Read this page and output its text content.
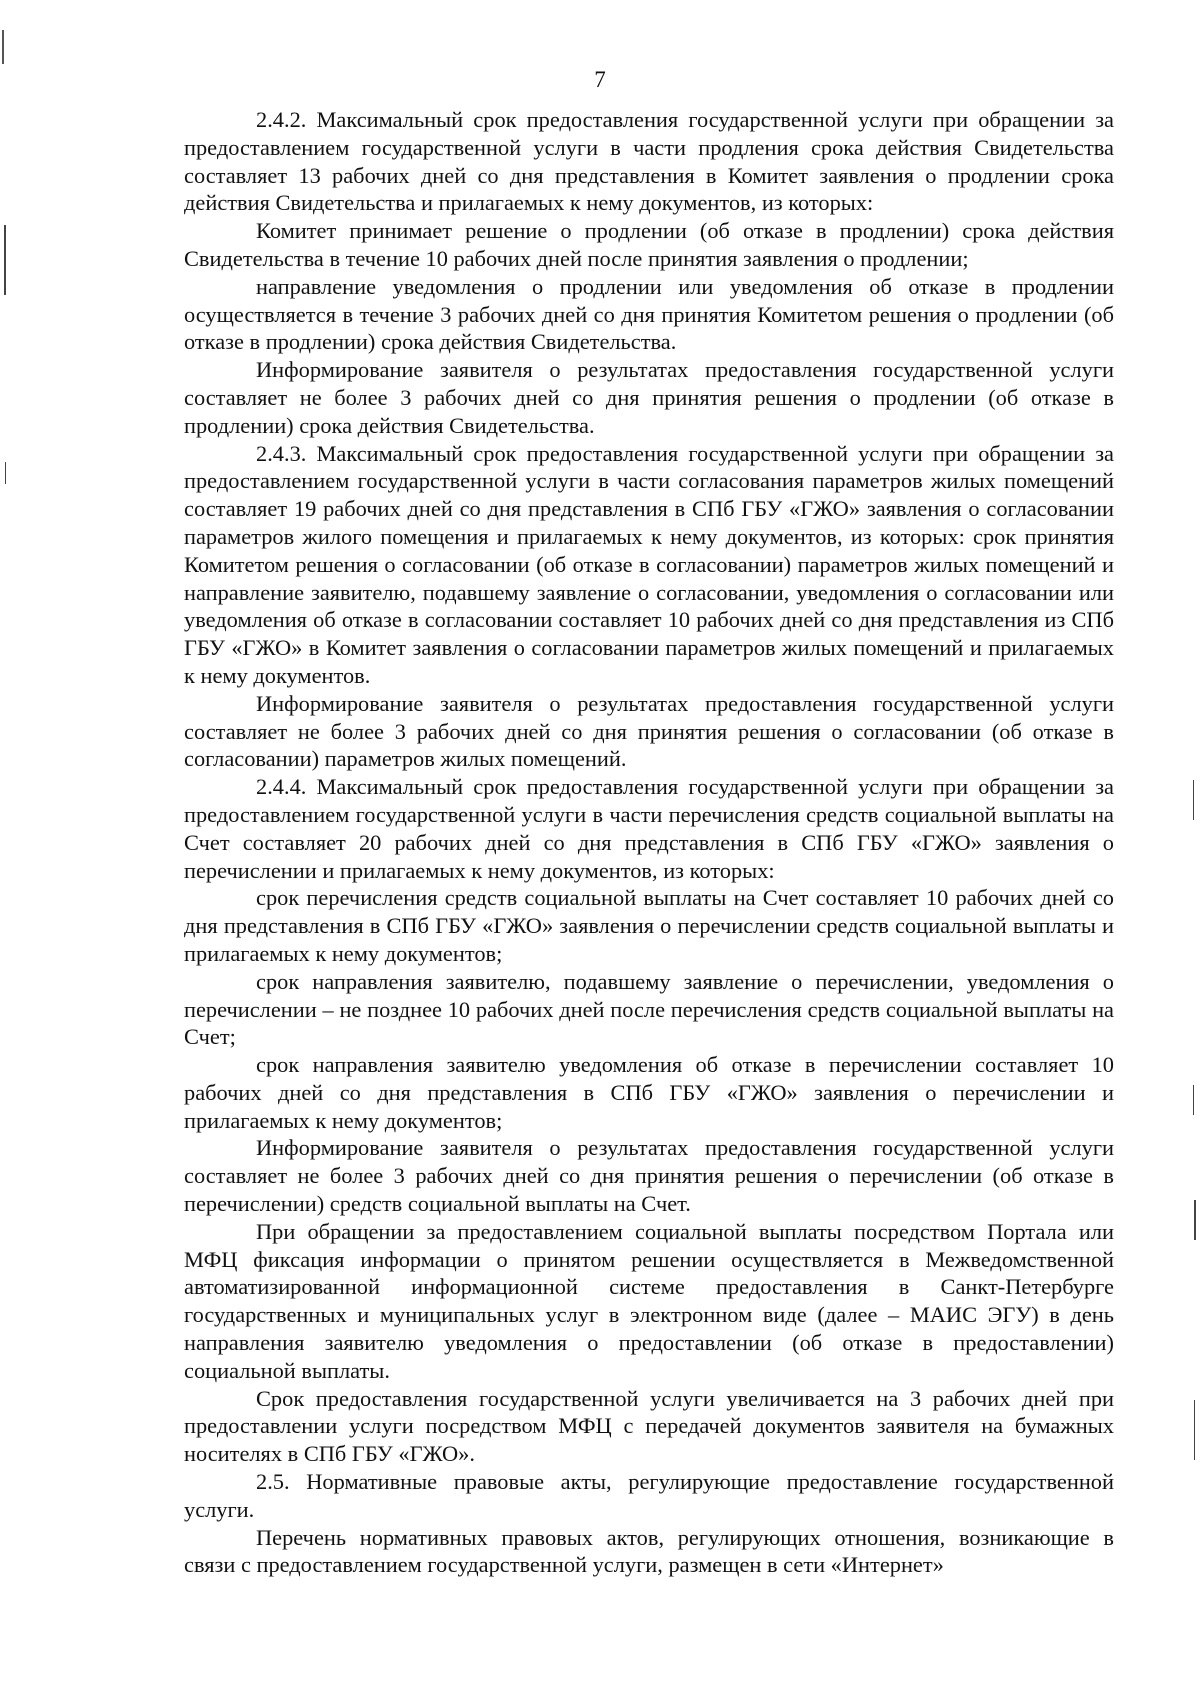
7

2.4.2. Максимальный срок предоставления государственной услуги при обращении за предоставлением государственной услуги в части продления срока действия Свидетельства составляет 13 рабочих дней со дня представления в Комитет заявления о продлении срока действия Свидетельства и прилагаемых к нему документов, из которых:

Комитет принимает решение о продлении (об отказе в продлении) срока действия Свидетельства в течение 10 рабочих дней после принятия заявления о продлении;

направление уведомления о продлении или уведомления об отказе в продлении осуществляется в течение 3 рабочих дней со дня принятия Комитетом решения о продлении (об отказе в продлении) срока действия Свидетельства.

Информирование заявителя о результатах предоставления государственной услуги составляет не более 3 рабочих дней со дня принятия решения о продлении (об отказе в продлении) срока действия Свидетельства.

2.4.3. Максимальный срок предоставления государственной услуги при обращении за предоставлением государственной услуги в части согласования параметров жилых помещений составляет 19 рабочих дней со дня представления в СПб ГБУ «ГЖО» заявления о согласовании параметров жилого помещения и прилагаемых к нему документов, из которых: срок принятия Комитетом решения о согласовании (об отказе в согласовании) параметров жилых помещений и направление заявителю, подавшему заявление о согласовании, уведомления о согласовании или уведомления об отказе в согласовании составляет 10 рабочих дней со дня представления из СПб ГБУ «ГЖО» в Комитет заявления о согласовании параметров жилых помещений и прилагаемых к нему документов.

Информирование заявителя о результатах предоставления государственной услуги составляет не более 3 рабочих дней со дня принятия решения о согласовании (об отказе в согласовании) параметров жилых помещений.

2.4.4. Максимальный срок предоставления государственной услуги при обращении за предоставлением государственной услуги в части перечисления средств социальной выплаты на Счет составляет 20 рабочих дней со дня представления в СПб ГБУ «ГЖО» заявления о перечислении и прилагаемых к нему документов, из которых:

срок перечисления средств социальной выплаты на Счет составляет 10 рабочих дней со дня представления в СПб ГБУ «ГЖО» заявления о перечислении средств социальной выплаты и прилагаемых к нему документов;

срок направления заявителю, подавшему заявление о перечислении, уведомления о перечислении – не позднее 10 рабочих дней после перечисления средств социальной выплаты на Счет;

срок направления заявителю уведомления об отказе в перечислении составляет 10 рабочих дней со дня представления в СПб ГБУ «ГЖО» заявления о перечислении и прилагаемых к нему документов;

Информирование заявителя о результатах предоставления государственной услуги составляет не более 3 рабочих дней со дня принятия решения о перечислении (об отказе в перечислении) средств социальной выплаты на Счет.

При обращении за предоставлением социальной выплаты посредством Портала или МФЦ фиксация информации о принятом решении осуществляется в Межведомственной автоматизированной информационной системе предоставления в Санкт-Петербурге государственных и муниципальных услуг в электронном виде (далее – МАИС ЭГУ) в день направления заявителю уведомления о предоставлении (об отказе в предоставлении) социальной выплаты.

Срок предоставления государственной услуги увеличивается на 3 рабочих дней при предоставлении услуги посредством МФЦ с передачей документов заявителя на бумажных носителях в СПб ГБУ «ГЖО».

2.5. Нормативные правовые акты, регулирующие предоставление государственной услуги.

Перечень нормативных правовых актов, регулирующих отношения, возникающие в связи с предоставлением государственной услуги, размещен в сети «Интернет»
